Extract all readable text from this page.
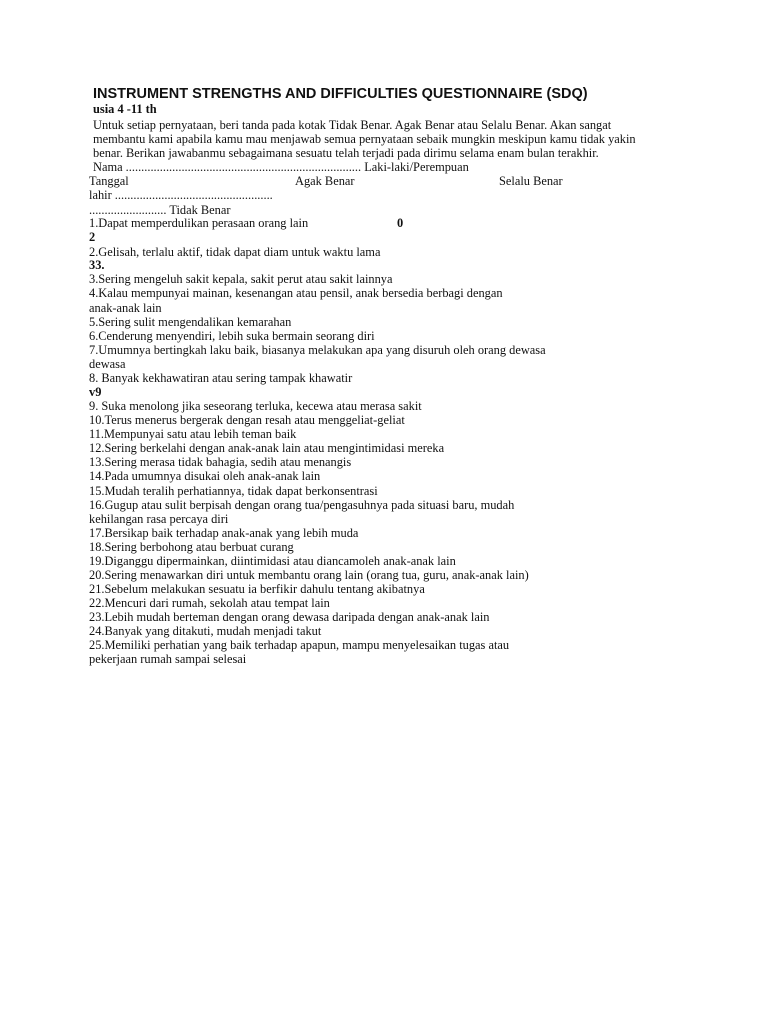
INSTRUMENT STRENGTHS AND DIFFICULTIES QUESTIONNAIRE (SDQ)
usia 4 -11 th
Untuk setiap pernyataan, beri tanda pada kotak Tidak Benar. Agak Benar atau Selalu Benar. Akan sangat
membantu kami apabila kamu mau menjawab semua pernyataan sebaik mungkin meskipun kamu tidak yakin
benar. Berikan jawabanmu sebagaimana sesuatu telah terjadi pada dirimu selama enam bulan terakhir.
Nama ............................................................................ Laki-laki/Perempuan
Tanggal	Agak Benar	Selalu Benar
lahir ...................................................
......................... Tidak Benar
1.Dapat memperdulikan perasaan orang lain	0
2
2.Gelisah, terlalu aktif, tidak dapat diam untuk waktu lama
33.
3.Sering mengeluh sakit kepala, sakit perut atau sakit lainnya
4.Kalau mempunyai mainan, kesenangan atau pensil, anak bersedia berbagi dengan
anak-anak lain
5.Sering sulit mengendalikan kemarahan
6.Cenderung menyendiri, lebih suka bermain seorang diri
7.Umumnya bertingkah laku baik, biasanya melakukan apa yang disuruh oleh orang dewasa
dewasa
8. Banyak kekhawatiran atau sering tampak khawatir
v9
9. Suka menolong jika seseorang terluka, kecewa atau merasa sakit
10.Terus menerus bergerak dengan resah atau menggeliat-geliat
11.Mempunyai satu atau lebih teman baik
12.Sering berkelahi dengan anak-anak lain atau mengintimidasi mereka
13.Sering merasa tidak bahagia, sedih atau menangis
14.Pada umumnya disukai oleh anak-anak lain
15.Mudah teralih perhatiannya, tidak dapat berkonsentrasi
16.Gugup atau sulit berpisah dengan orang tua/pengasuhnya pada situasi baru, mudah
kehilangan rasa percaya diri
17.Bersikap baik terhadap anak-anak yang lebih muda
18.Sering berbohong atau berbuat curang
19.Diganggu dipermainkan, diintimidasi atau diancamoleh anak-anak lain
20.Sering menawarkan diri untuk membantu orang lain (orang tua, guru, anak-anak lain)
21.Sebelum melakukan sesuatu ia berfikir dahulu tentang akibatnya
22.Mencuri dari rumah, sekolah atau tempat lain
23.Lebih mudah berteman dengan orang dewasa daripada dengan anak-anak lain
24.Banyak yang ditakuti, mudah menjadi takut
25.Memiliki perhatian yang baik terhadap apapun, mampu menyelesaikan tugas atau
pekerjaan rumah sampai selesai
